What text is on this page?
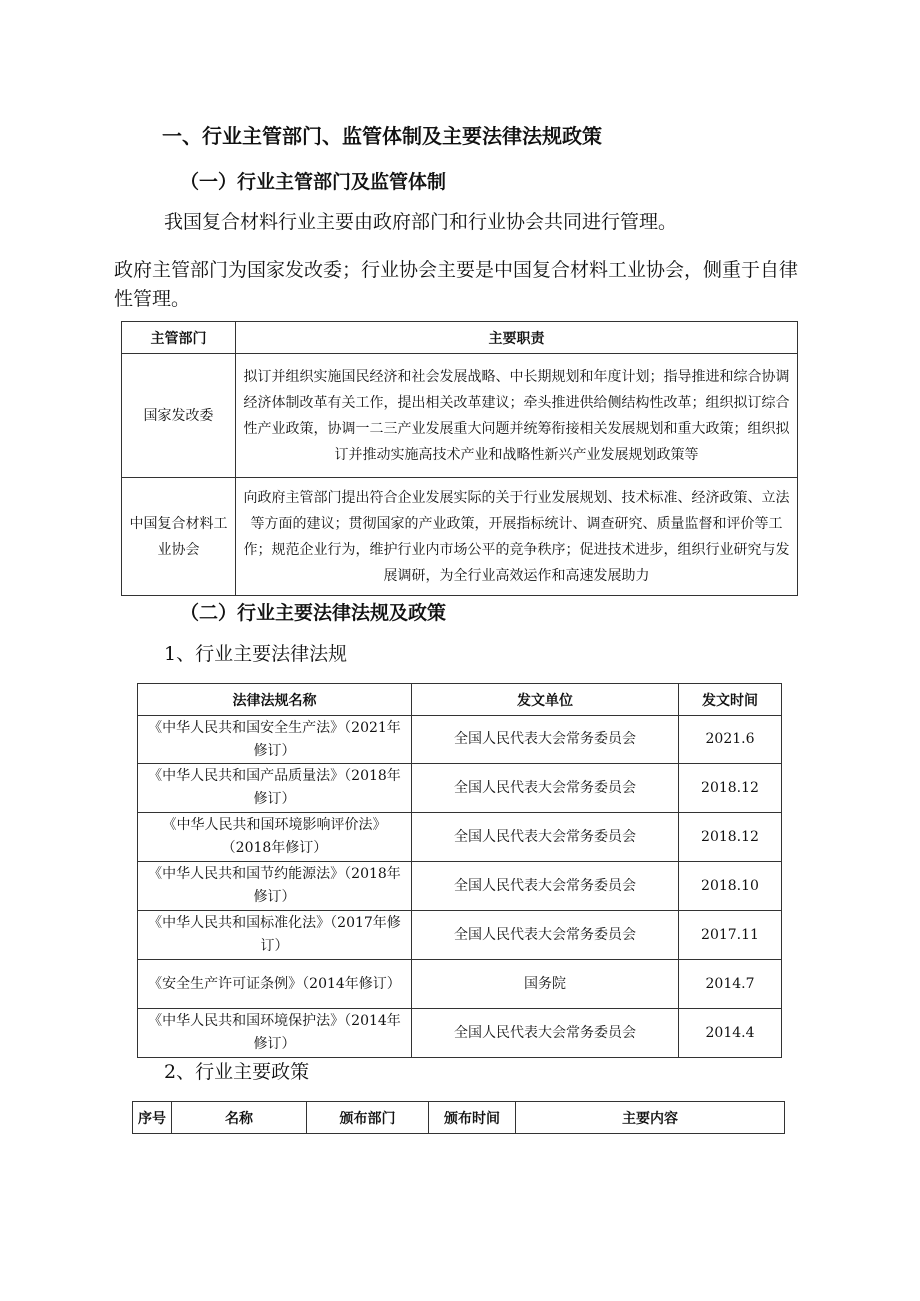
一、行业主管部门、监管体制及主要法律法规政策
（一）行业主管部门及监管体制
我国复合材料行业主要由政府部门和行业协会共同进行管理。
政府主管部门为国家发改委；行业协会主要是中国复合材料工业协会，侧重于自律性管理。
主管部门	主要职责
国家发改委	拟订并组织实施国民经济和社会发展战略、中长期规划和年度计划；指导推进和综合协调经济体制改革有关工作，提出相关改革建议；牵头推进供给侧结构性改革；组织拟订综合性产业政策，协调一二三产业发展重大问题并统筹衔接相关发展规划和重大政策；组织拟订并推动实施高技术产业和战略性新兴产业发展规划政策等
中国复合材料工业协会	向政府主管部门提出符合企业发展实际的关于行业发展规划、技术标准、经济政策、立法等方面的建议；贯彻国家的产业政策，开展指标统计、调查研究、质量监督和评价等工作；规范企业行为，维护行业内市场公平的竞争秩序；促进技术进步，组织行业研究与发展调研，为全行业高效运作和高速发展助力
（二）行业主要法律法规及政策
1、行业主要法律法规
法律法规名称	发文单位	发文时间
《中华人民共和国安全生产法》（2021年修订）	全国人民代表大会常务委员会	2021.6
《中华人民共和国产品质量法》（2018年修订）	全国人民代表大会常务委员会	2018.12
《中华人民共和国环境影响评价法》（2018年修订）	全国人民代表大会常务委员会	2018.12
《中华人民共和国节约能源法》（2018年修订）	全国人民代表大会常务委员会	2018.10
《中华人民共和国标准化法》（2017年修订）	全国人民代表大会常务委员会	2017.11
《安全生产许可证条例》（2014年修订）	国务院	2014.7
《中华人民共和国环境保护法》（2014年修订）	全国人民代表大会常务委员会	2014.4
2、行业主要政策
序号	名称	颁布部门	颁布时间	主要内容
